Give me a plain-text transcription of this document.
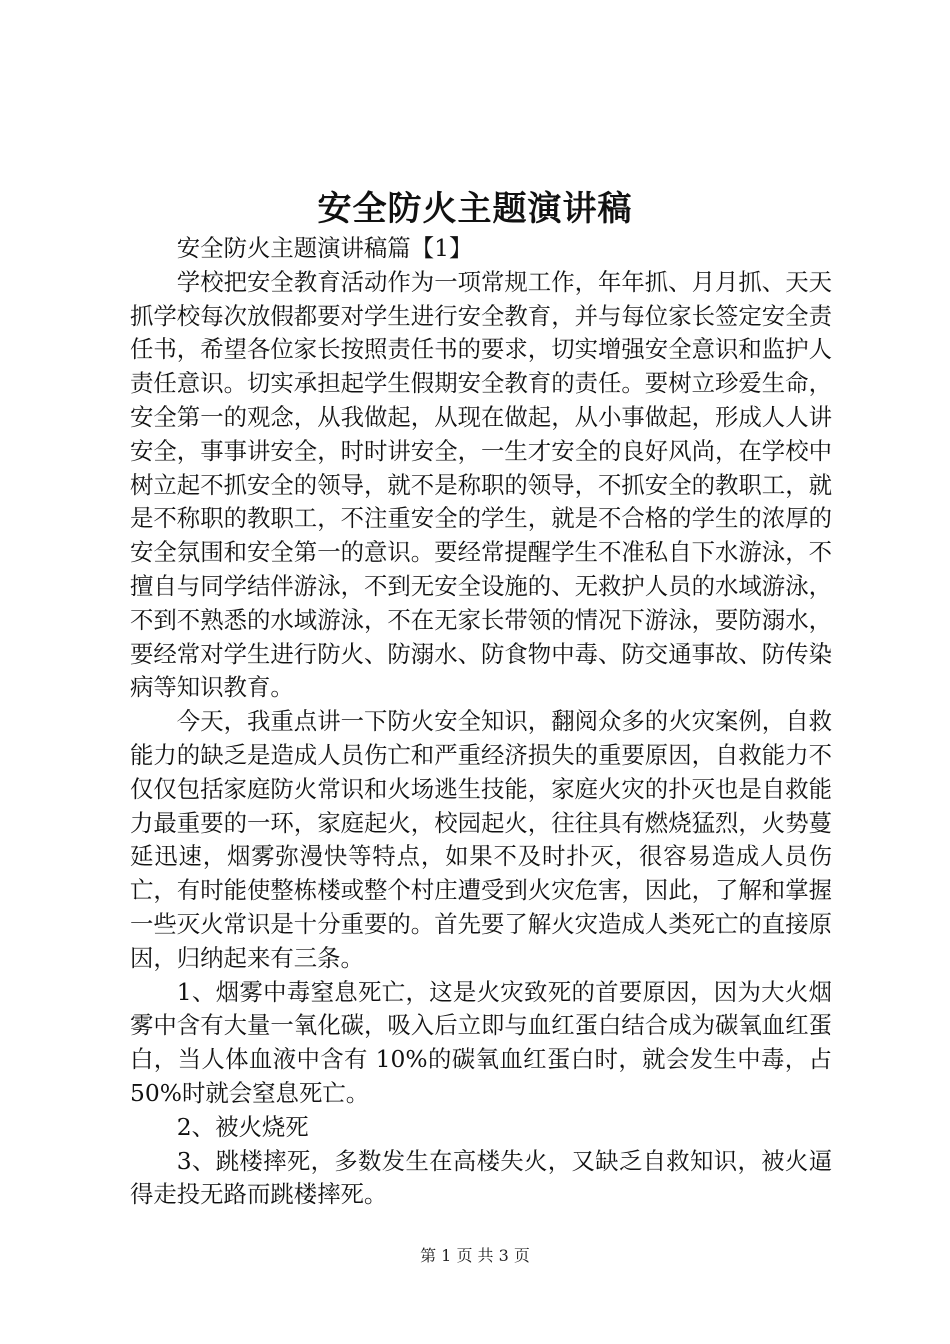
安全防火主题演讲稿

安全防火主题演讲稿篇【1】

学校把安全教育活动作为一项常规工作，年年抓、月月抓、天天抓学校每次放假都要对学生进行安全教育，并与每位家长签定安全责任书，希望各位家长按照责任书的要求，切实增强安全意识和监护人责任意识。切实承担起学生假期安全教育的责任。要树立珍爱生命，安全第一的观念，从我做起，从现在做起，从小事做起，形成人人讲安全，事事讲安全，时时讲安全，一生才安全的良好风尚，在学校中树立起不抓安全的领导，就不是称职的领导，不抓安全的教职工，就是不称职的教职工，不注重安全的学生，就是不合格的学生的浓厚的安全氛围和安全第一的意识。要经常提醒学生不准私自下水游泳，不擅自与同学结伴游泳，不到无安全设施的、无救护人员的水域游泳，不到不熟悉的水域游泳，不在无家长带领的情况下游泳，要防溺水，要经常对学生进行防火、防溺水、防食物中毒、防交通事故、防传染病等知识教育。

今天，我重点讲一下防火安全知识，翻阅众多的火灾案例，自救能力的缺乏是造成人员伤亡和严重经济损失的重要原因，自救能力不仅仅包括家庭防火常识和火场逃生技能，家庭火灾的扑灭也是自救能力最重要的一环，家庭起火，校园起火，往往具有燃烧猛烈，火势蔓延迅速，烟雾弥漫快等特点，如果不及时扑灭，很容易造成人员伤亡，有时能使整栋楼或整个村庄遭受到火灾危害，因此，了解和掌握一些灭火常识是十分重要的。首先要了解火灾造成人类死亡的直接原因，归纳起来有三条。

1、烟雾中毒窒息死亡，这是火灾致死的首要原因，因为大火烟雾中含有大量一氧化碳，吸入后立即与血红蛋白结合成为碳氧血红蛋白，当人体血液中含有 10%的碳氧血红蛋白时，就会发生中毒，占 50%时就会窒息死亡。

2、被火烧死

3、跳楼摔死，多数发生在高楼失火，又缺乏自救知识，被火逼得走投无路而跳楼摔死。

第 1 页 共 3 页
